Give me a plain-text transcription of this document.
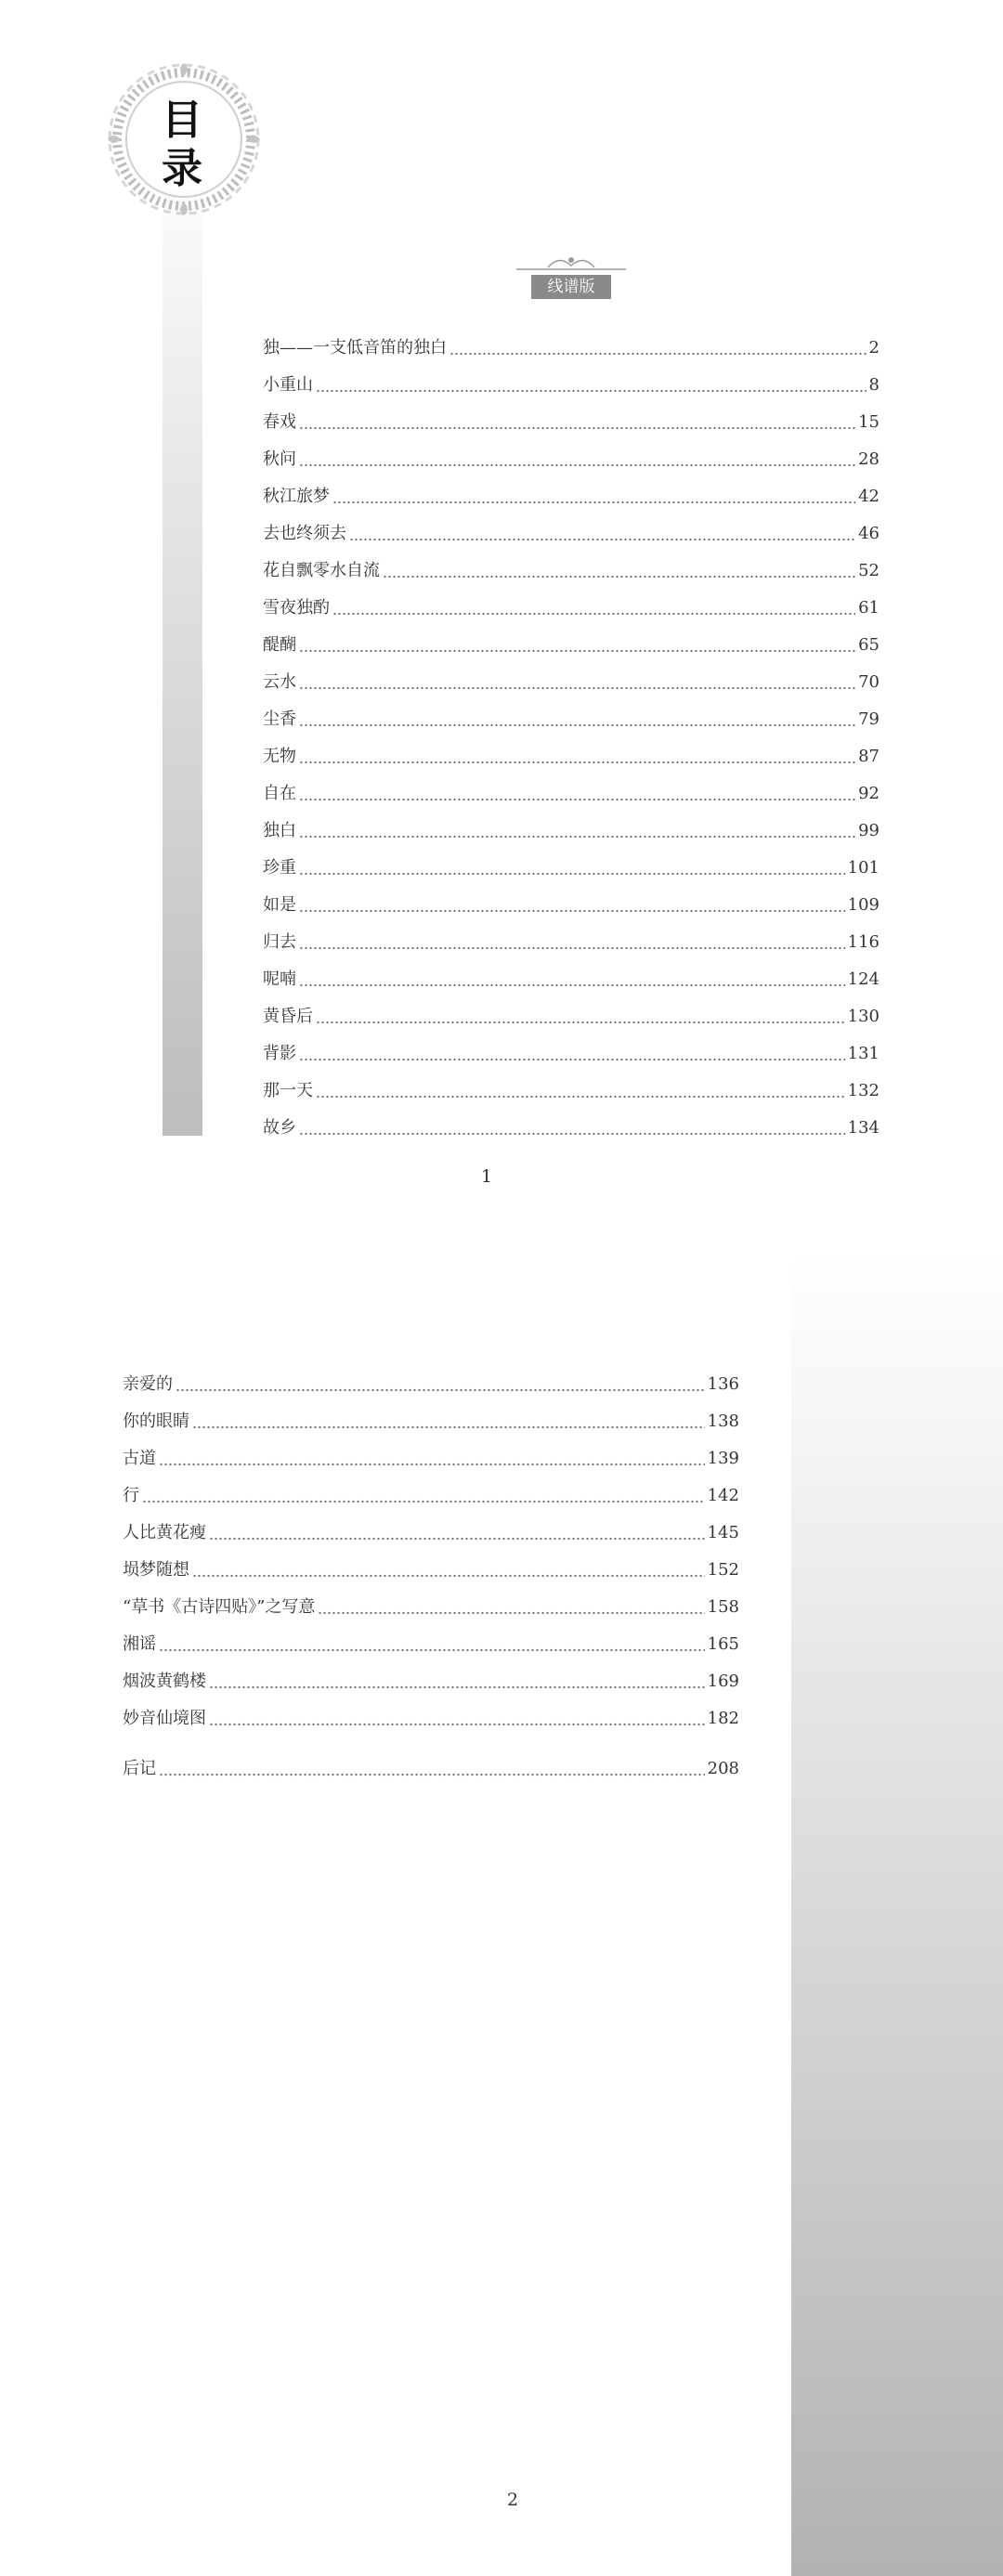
目
录
线谱版
独——一支低音笛的独白	2
小重山	8
春戏	15
秋问	28
秋江旅梦	42
去也终须去	46
花自飘零水自流	52
雪夜独酌	61
醍醐	65
云水	70
尘香	79
无物	87
自在	92
独白	99
珍重	101
如是	109
归去	116
呢喃	124
黄昏后	130
背影	131
那一天	132
故乡	134
1
亲爱的	136
你的眼睛	138
古道	139
行	142
人比黄花瘦	145
埙梦随想	152
“草书《古诗四贴》”之写意	158
湘谣	165
烟波黄鹤楼	169
妙音仙境图	182
后记	208
2
